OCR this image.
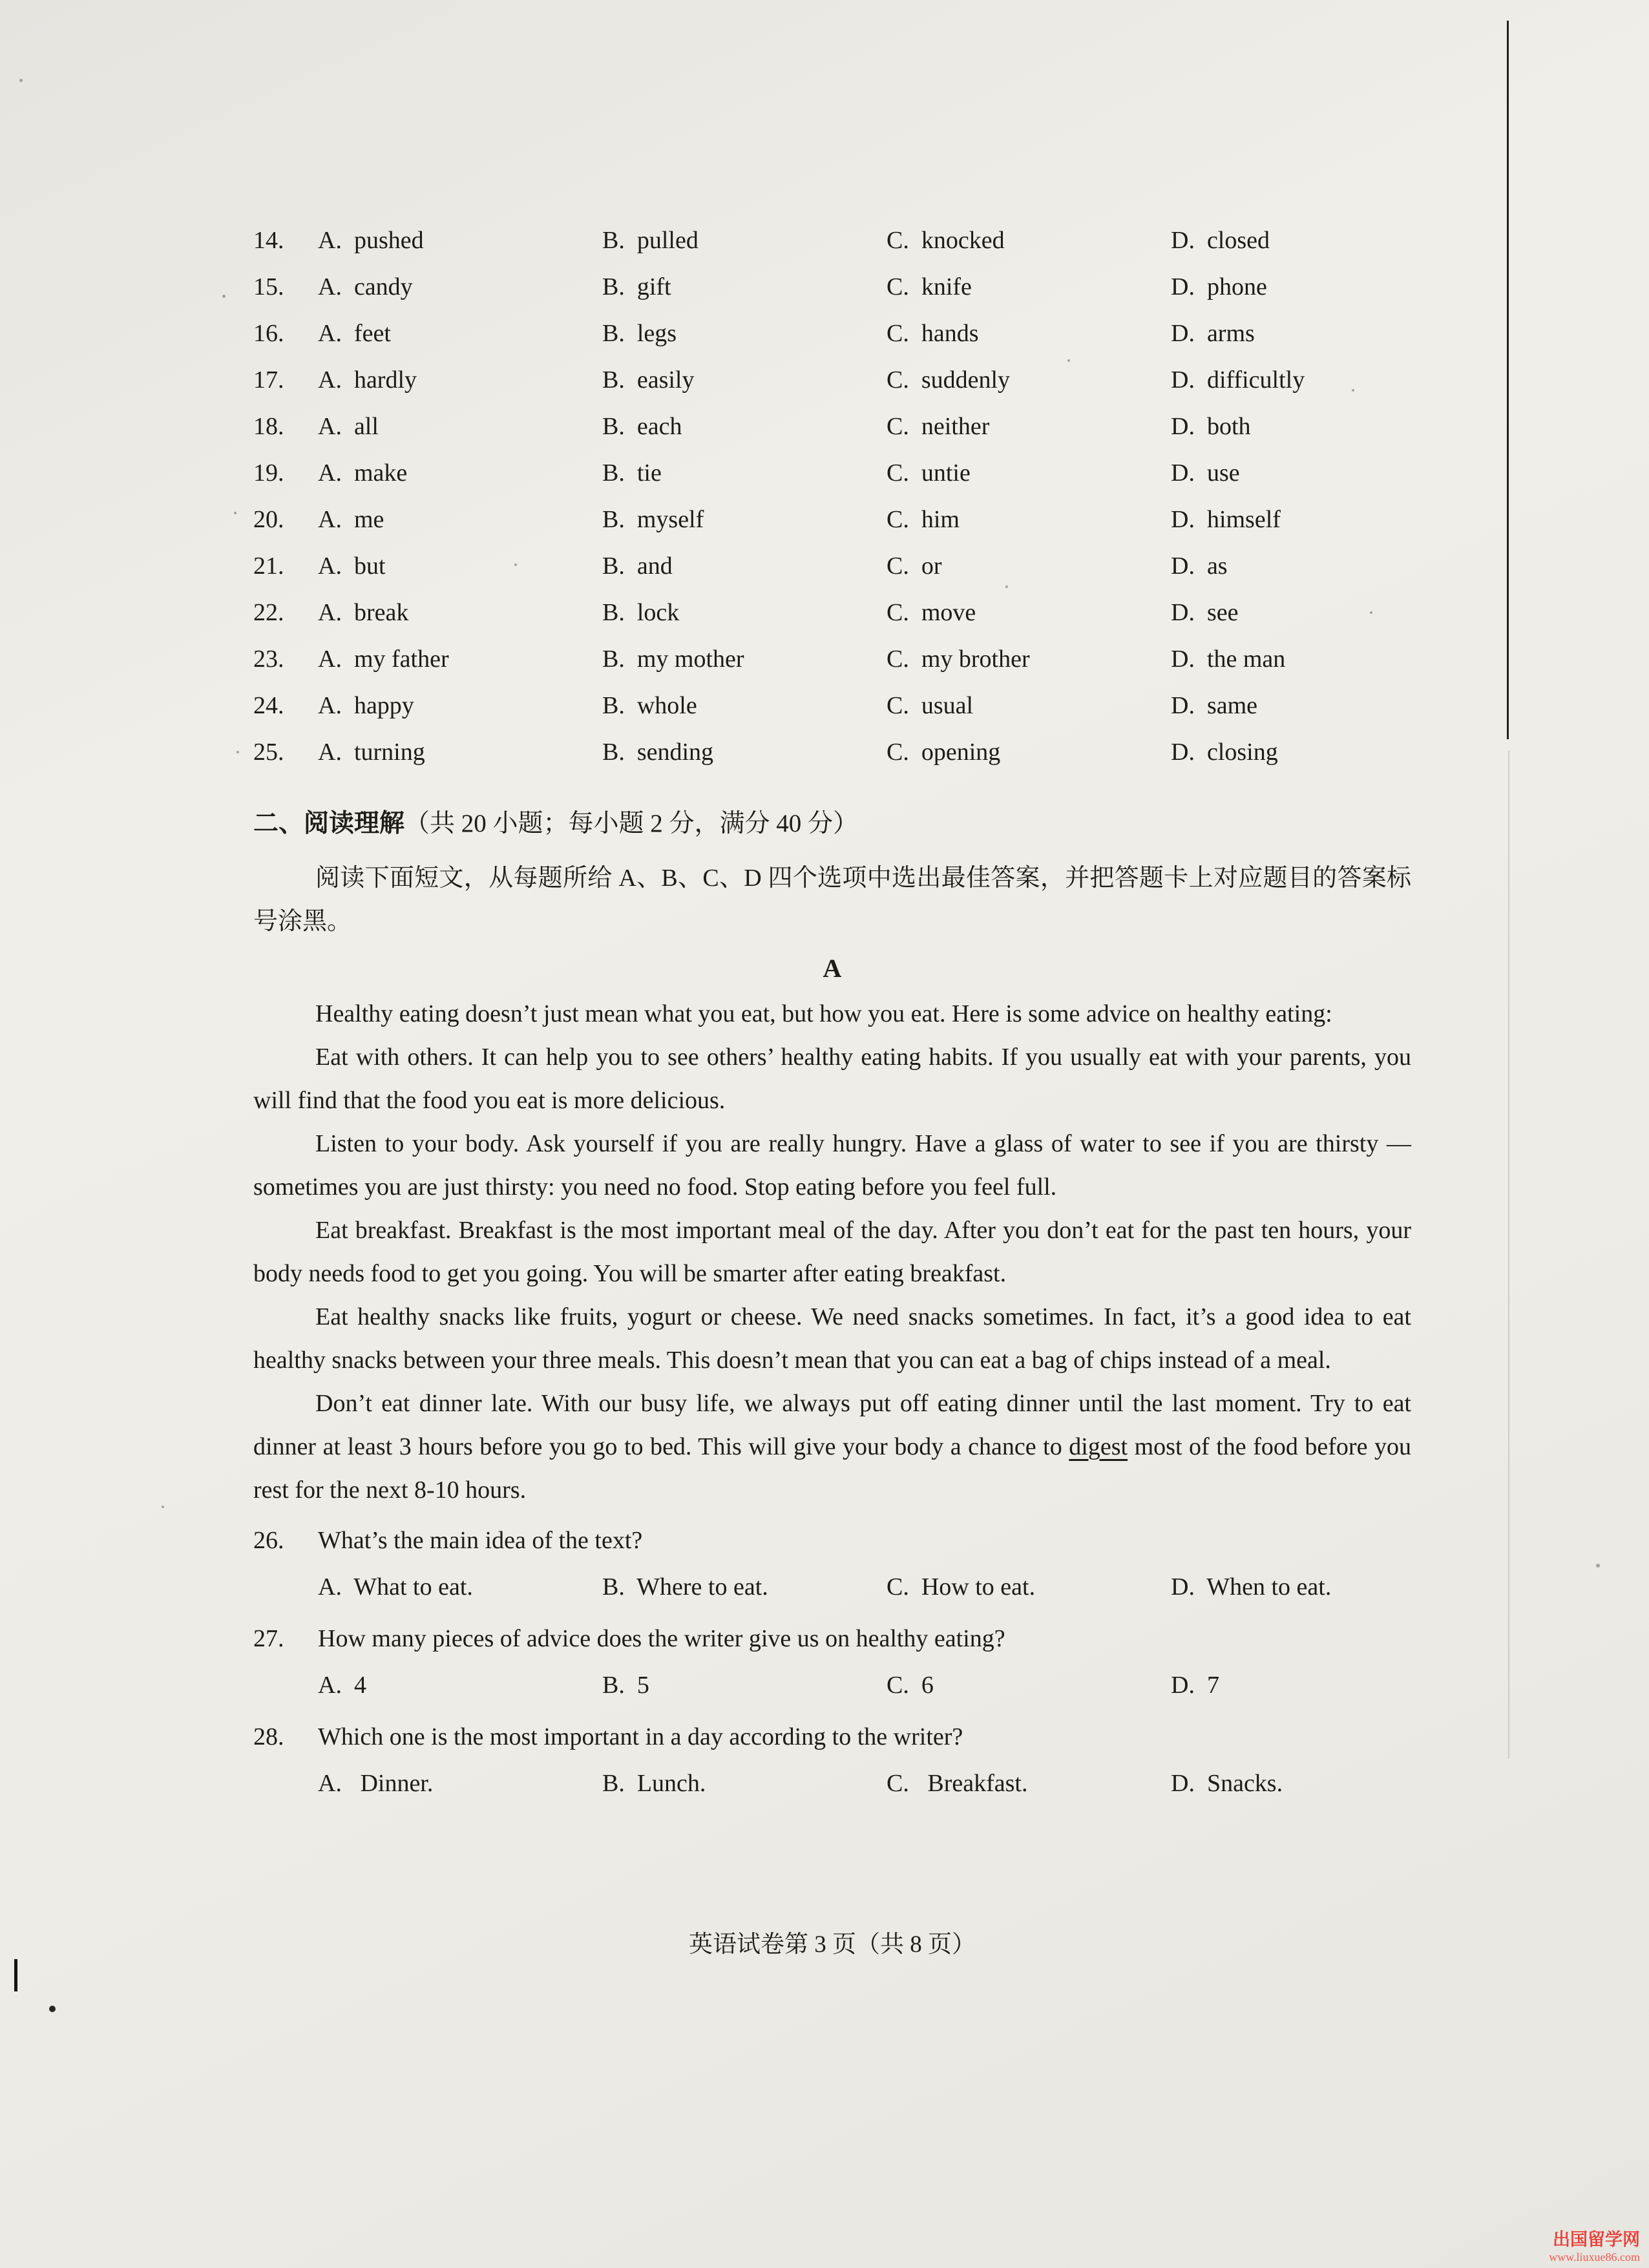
14.	A.  pushed	B.  pulled	C.  knocked	D.  closed
15.	A.  candy	B.  gift	C.  knife	D.  phone
16.	A.  feet	B.  legs	C.  hands	D.  arms
17.	A.  hardly	B.  easily	C.  suddenly	D.  difficultly
18.	A.  all	B.  each	C.  neither	D.  both
19.	A.  make	B.  tie	C.  untie	D.  use
20.	A.  me	B.  myself	C.  him	D.  himself
21.	A.  but	B.  and	C.  or	D.  as
22.	A.  break	B.  lock	C.  move	D.  see
23.	A.  my father	B.  my mother	C.  my brother	D.  the man
24.	A.  happy	B.  whole	C.  usual	D.  same
25.	A.  turning	B.  sending	C.  opening	D.  closing
二、阅读理解（共 20 小题；每小题 2 分，满分 40 分）

阅读下面短文，从每题所给 A、B、C、D 四个选项中选出最佳答案，并把答题卡上对应题目的答案标号涂黑。

A

Healthy eating doesn’t just mean what you eat, but how you eat. Here is some advice on healthy eating:

Eat with others. It can help you to see others’ healthy eating habits. If you usually eat with your parents, you will find that the food you eat is more delicious.

Listen to your body. Ask yourself if you are really hungry. Have a glass of water to see if you are thirsty — sometimes you are just thirsty: you need no food. Stop eating before you feel full.

Eat breakfast. Breakfast is the most important meal of the day. After you don’t eat for the past ten hours, your body needs food to get you going. You will be smarter after eating breakfast.

Eat healthy snacks like fruits, yogurt or cheese. We need snacks sometimes. In fact, it’s a good idea to eat healthy snacks between your three meals. This doesn’t mean that you can eat a bag of chips instead of a meal.

Don’t eat dinner late. With our busy life, we always put off eating dinner until the last moment. Try to eat dinner at least 3 hours before you go to bed. This will give your body a chance to digest most of the food before you rest for the next 8-10 hours.

26.	What’s the main idea of the text?
A.  What to eat.	B.  Where to eat.	C.  How to eat.	D.  When to eat.
27.	How many pieces of advice does the writer give us on healthy eating?
A.  4	B.  5	C.  6	D.  7
28.	Which one is the most important in a day according to the writer?
A.   Dinner.	B.  Lunch.	C.   Breakfast.	D.  Snacks.
英语试卷第 3 页（共 8 页）
出国留学网
www.liuxue86.com
